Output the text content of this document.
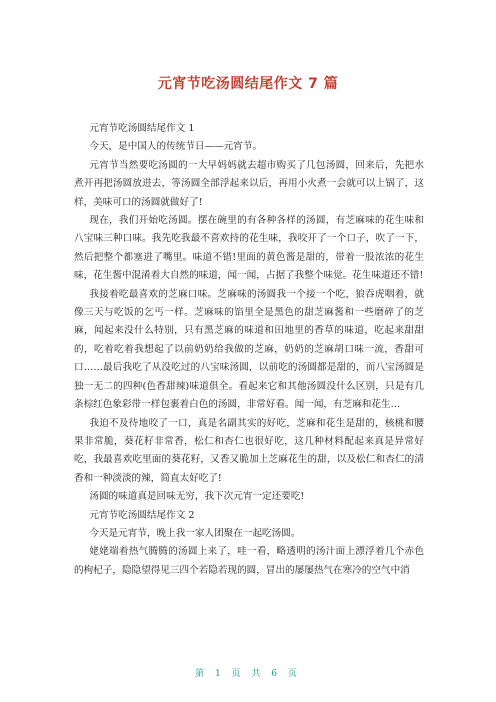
元宵节吃汤圆结尾作文 7 篇

元宵节吃汤圆结尾作文 1

今天，是中国人的传统节日——元宵节。

元宵节当然要吃汤圆的一大早妈妈就去超市购买了几包汤圆，回来后，先把水煮开再把汤圆放进去，等汤圆全部浮起来以后，再用小火煮一会就可以上锅了，这样，美味可口的汤圆就做好了!

现在，我们开始吃汤圆。摆在碗里的有各种各样的汤圆，有芝麻味的花生味和八宝味三种口味。我先吃我最不喜欢持的花生味，我咬开了一个口子，吹了一下，然后把整个都塞进了嘴里。味道不错!里面的黄色酱是甜的，带着一股浓浓的花生味，花生酱中混淆着大自然的味道，闻一闻，占据了我整个味觉。花生味道还不错!

我接着吃最喜欢的芝麻口味。芝麻味的汤圆我一个接一个吃，狼吞虎咽着，就像三天与吃饭的乞丐一样。芝麻味的馅里全是黑色的甜芝麻酱和一些磨碎了的芝麻，闻起来没什么特别，只有黑芝麻的味道和田地里的香草的味道，吃起来甜甜的，吃着吃着我想起了以前奶奶给我做的芝麻，奶奶的芝麻胡口味一流，香甜可口……最后我吃了从没吃过的八宝味汤圆，以前吃的汤圆都是甜的，而八宝汤圆是独一无二的四种(色香甜辣)味道俱全。看起来它和其他汤圆没什么区别，只是有几条棕红色象彩带一样包裹着白色的汤圆，非常好看。闻一闻，有芝麻和花生…

我迫不及待地咬了一口，真是名副其实的好吃，芝麻和花生是甜的，核桃和腰果非常脆，葵花籽非常香，松仁和杏仁也很好吃，这几种材料配起来真是异常好吃，我最喜欢吃里面的葵花籽，又香又脆加上芝麻花生的甜，以及松仁和杏仁的清香和一种淡淡的辣，简直太好吃了!

汤圆的味道真是回味无穷，我下次元宵一定还要吃!

元宵节吃汤圆结尾作文 2

今天是元宵节，晚上我一家人团聚在一起吃汤圆。

姥姥端着热气腾腾的汤圆上来了，哇一看，略透明的汤汁面上漂浮着几个赤色的枸杞子，隐隐望得见三四个若隐若现的圆，冒出的屡屡热气在寒冷的空气中消

第 1 页 共 6 页
